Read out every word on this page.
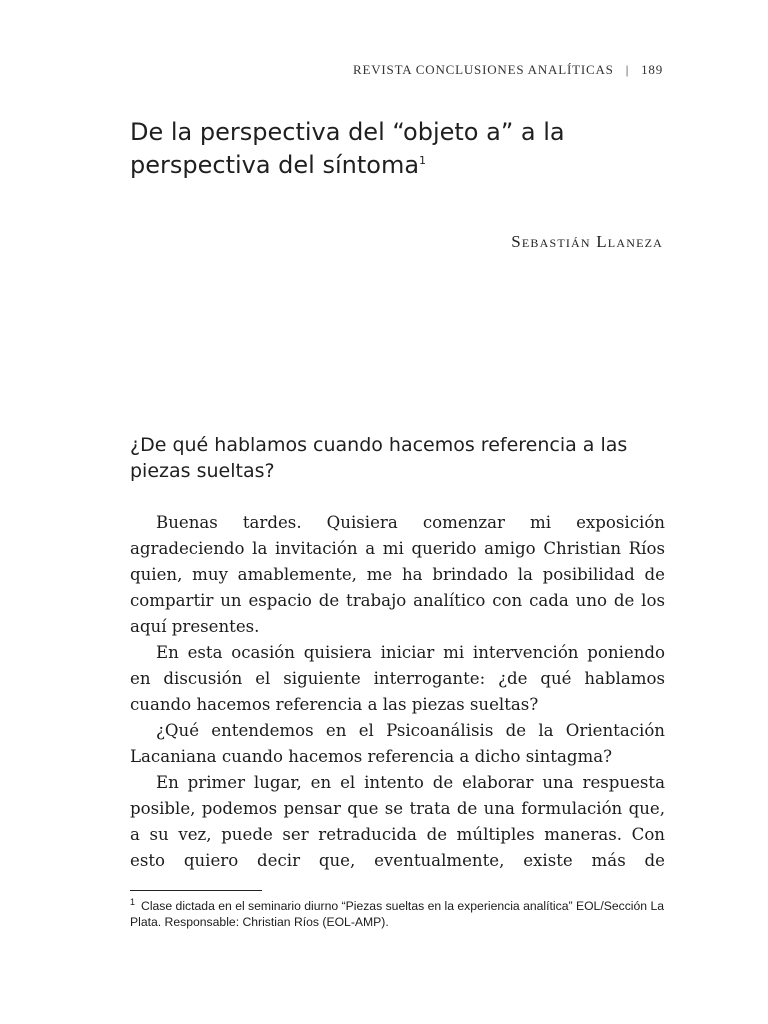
REVISTA CONCLUSIONES ANALÍTICAS | 189
De la perspectiva del “objeto a” a la perspectiva del síntoma$^1$
Sebastián Llaneza
¿De qué hablamos cuando hacemos referencia a las piezas sueltas?

Buenas tardes. Quisiera comenzar mi exposición agradeciendo la invitación a mi querido amigo Christian Ríos quien, muy amablemente, me ha brindado la posibilidad de compartir un espacio de trabajo analítico con cada uno de los aquí presentes.

En esta ocasión quisiera iniciar mi intervención poniendo en discusión el siguiente interrogante: ¿de qué hablamos cuando hacemos referencia a las piezas sueltas?

¿Qué entendemos en el Psicoanálisis de la Orientación Lacaniana cuando hacemos referencia a dicho sintagma?

En primer lugar, en el intento de elaborar una respuesta posible, podemos pensar que se trata de una formulación que, a su vez, puede ser retraducida de múltiples maneras. Con esto quiero decir que, eventualmente, existe más de

$^1$ Clase dictada en el seminario diurno “Piezas sueltas en la experiencia analítica” EOL/Sección La Plata. Responsable: Christian Ríos (EOL-AMP).
